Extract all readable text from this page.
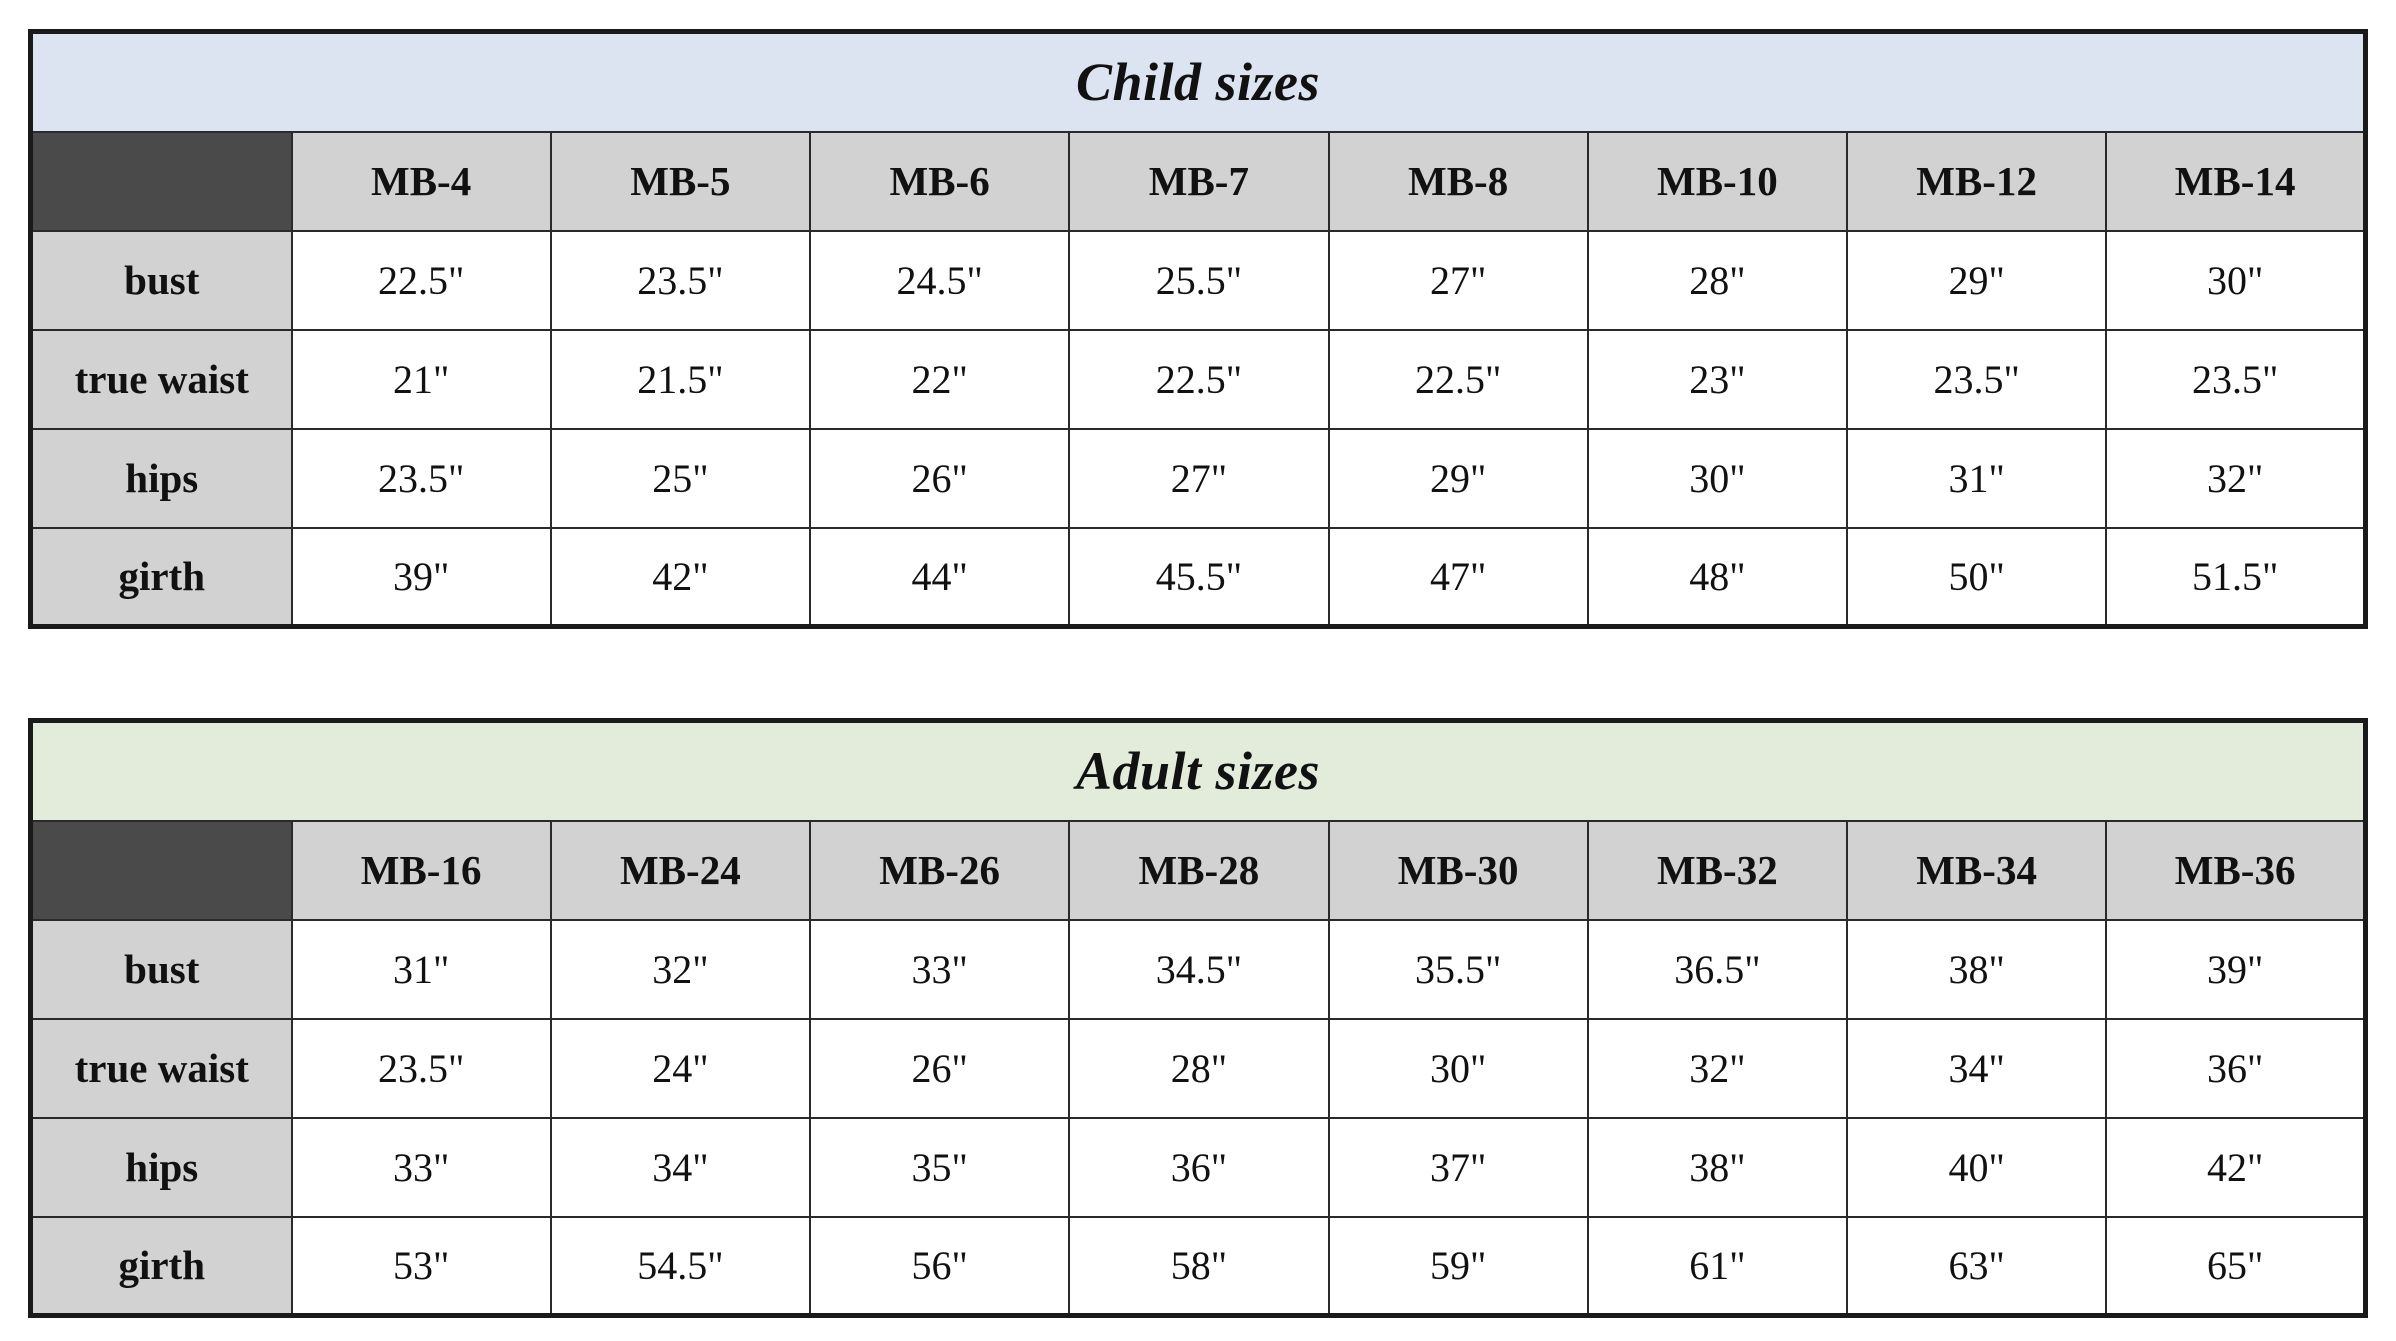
Child sizes								
	MB-4	MB-5	MB-6	MB-7	MB-8	MB-10	MB-12	MB-14
bust	22.5"	23.5"	24.5"	25.5"	27"	28"	29"	30"
true waist	21"	21.5"	22"	22.5"	22.5"	23"	23.5"	23.5"
hips	23.5"	25"	26"	27"	29"	30"	31"	32"
girth	39"	42"	44"	45.5"	47"	48"	50"	51.5"
Adult sizes								
	MB-16	MB-24	MB-26	MB-28	MB-30	MB-32	MB-34	MB-36
bust	31"	32"	33"	34.5"	35.5"	36.5"	38"	39"
true waist	23.5"	24"	26"	28"	30"	32"	34"	36"
hips	33"	34"	35"	36"	37"	38"	40"	42"
girth	53"	54.5"	56"	58"	59"	61"	63"	65"
